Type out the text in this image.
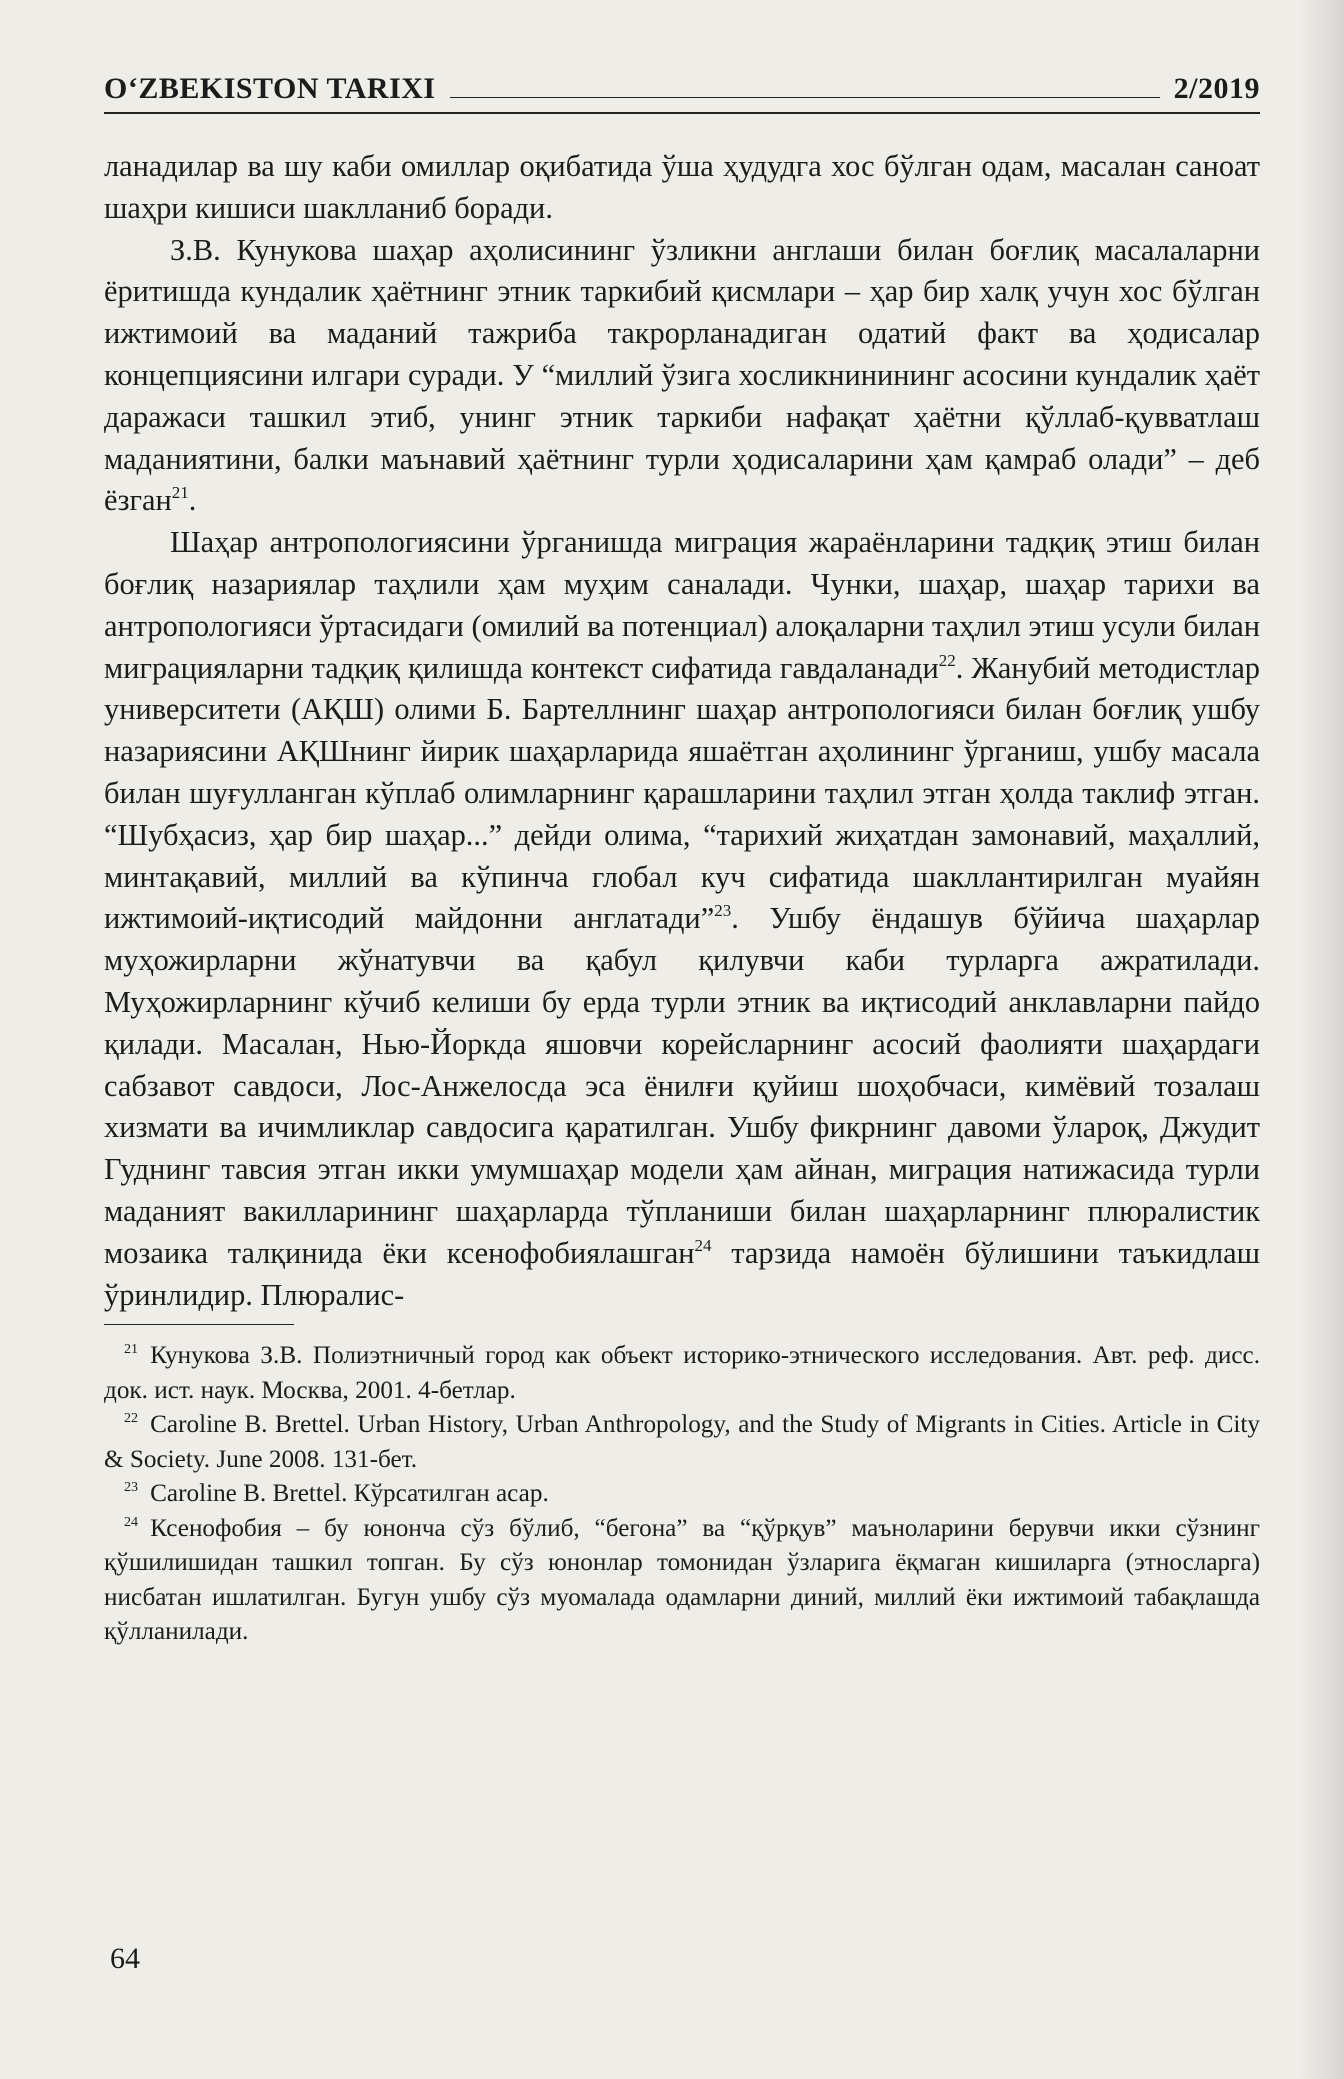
O‘ZBEKISTON TARIXI	2/2019

ланадилар ва шу каби омиллар оқибатида ўша ҳудудга хос бўлган одам, масалан саноат шаҳри кишиси шаклланиб боради.

З.В. Кунукова шаҳар аҳолисининг ўзликни англаши билан боғлиқ масалаларни ёритишда кундалик ҳаётнинг этник таркибий қисмлари – ҳар бир халқ учун хос бўлган ижтимоий ва маданий тажриба такрорланадиган одатий факт ва ҳодисалар концепциясини илгари суради. У “миллий ўзига хосликнинининг асосини кундалик ҳаёт даражаси ташкил этиб, унинг этник таркиби нафақат ҳаётни қўллаб-қувватлаш маданиятини, балки маънавий ҳаётнинг турли ҳодисаларини ҳам қамраб олади” – деб ёзган$^{21}$.

Шаҳар антропологиясини ўрганишда миграция жараёнларини тадқиқ этиш билан боғлиқ назариялар таҳлили ҳам муҳим саналади. Чунки, шаҳар, шаҳар тарихи ва антропологияси ўртасидаги (омилий ва потенциал) алоқаларни таҳлил этиш усули билан миграцияларни тадқиқ қилишда контекст сифатида гавдаланади$^{22}$. Жанубий методистлар университети (АҚШ) олими Б. Бартеллнинг шаҳар антропологияси билан боғлиқ ушбу назариясини АҚШнинг йирик шаҳарларида яшаётган аҳолининг ўрганиш, ушбу масала билан шуғулланган кўплаб олимларнинг қарашларини таҳлил этган ҳолда таклиф этган. “Шубҳасиз, ҳар бир шаҳар...” дейди олима, “тарихий жиҳатдан замонавий, маҳаллий, минтақавий, миллий ва кўпинча глобал куч сифатида шакллантирилган муайян ижтимоий-иқтисодий майдонни англатади”$^{23}$. Ушбу ёндашув бўйича шаҳарлар муҳожирларни жўнатувчи ва қабул қилувчи каби турларга ажратилади. Муҳожирларнинг кўчиб келиши бу ерда турли этник ва иқтисодий анклавларни пайдо қилади. Масалан, Нью-Йоркда яшовчи корейсларнинг асосий фаолияти шаҳардаги сабзавот савдоси, Лос-Анжелосда эса ёнилғи қуйиш шоҳобчаси, кимёвий тозалаш хизмати ва ичимликлар савдосига қаратилган. Ушбу фикрнинг давоми ўларoқ, Джудит Гуднинг тавсия этган икки умумшаҳар модели ҳам айнан, миграция натижасида турли маданият вакилларининг шаҳарларда тўпланиши билан шаҳарларнинг плюралистик мозаика талқинида ёки ксенофобиялашган$^{24}$ тарзида намоён бўлишини таъкидлаш ўринлидир. Плюралис-

$^{21}$ Кунукова З.В. Полиэтничный город как объект историко-этнического исследования. Авт. реф. дисс. док. ист. наук. Москва, 2001. 4-бетлар.

$^{22}$ Caroline B. Brettel. Urban History, Urban Anthropology, and the Study of Migrants in Cities. Article in City & Society. June 2008. 131-бет.

$^{23}$ Caroline B. Brettel. Кўрсатилган асар.

$^{24}$ Ксенофобия – бу юнонча сўз бўлиб, “бегона” ва “қўрқув” маъноларини берувчи икки сўзнинг қўшилишидан ташкил топган. Бу сўз юнонлар томонидан ўзларига ёқмаган кишиларга (этносларга) нисбатан ишлатилган. Бугун ушбу сўз муомалада одамларни диний, миллий ёки ижтимоий табақлашда қўлланилади.

64
